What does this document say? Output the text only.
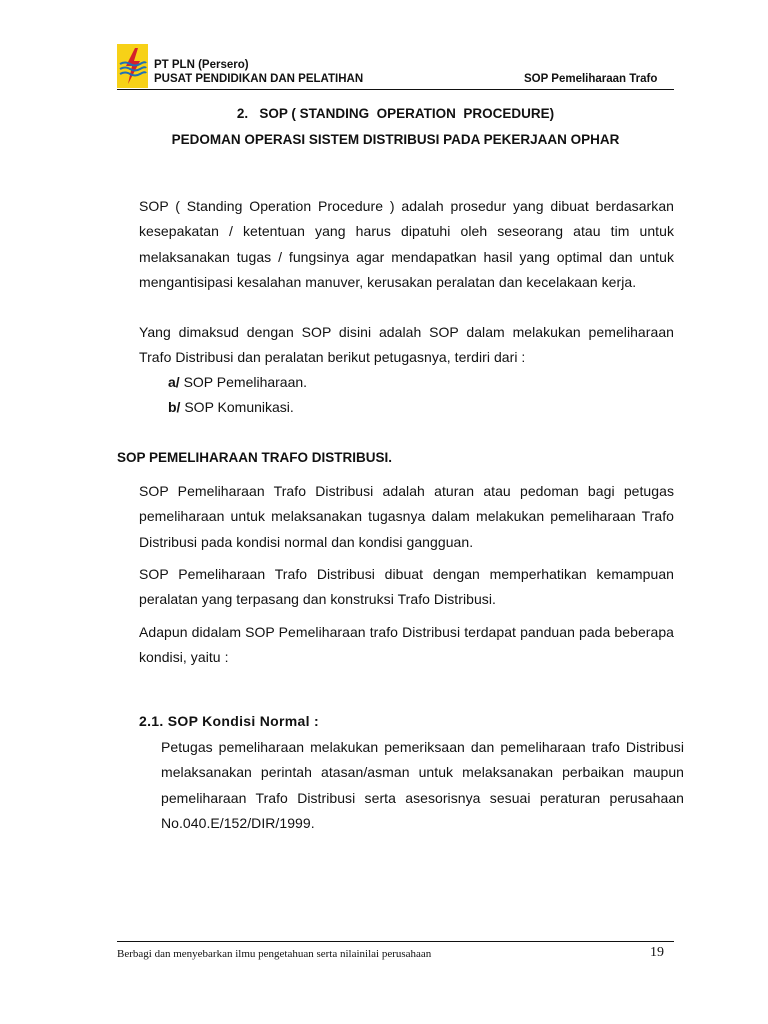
PT PLN (Persero)
PUSAT PENDIDIKAN DAN PELATIHAN	SOP Pemeliharaan Trafo
2.   SOP ( STANDING  OPERATION  PROCEDURE)
PEDOMAN OPERASI SISTEM DISTRIBUSI PADA PEKERJAAN OPHAR

SOP ( Standing Operation Procedure ) adalah prosedur yang dibuat berdasarkan kesepakatan / ketentuan yang harus dipatuhi oleh seseorang atau tim untuk melaksanakan tugas / fungsinya agar mendapatkan hasil yang optimal dan untuk mengantisipasi kesalahan manuver, kerusakan peralatan dan kecelakaan kerja.

Yang dimaksud dengan SOP disini adalah SOP dalam melakukan pemeliharaan Trafo Distribusi dan peralatan berikut petugasnya, terdiri dari :

a/ SOP Pemeliharaan.
b/ SOP Komunikasi.
SOP PEMELIHARAAN TRAFO DISTRIBUSI.

SOP Pemeliharaan Trafo Distribusi adalah aturan atau pedoman bagi petugas pemeliharaan untuk melaksanakan tugasnya dalam melakukan pemeliharaan Trafo Distribusi pada kondisi normal dan kondisi gangguan.

SOP Pemeliharaan Trafo Distribusi dibuat dengan memperhatikan kemampuan peralatan yang terpasang dan konstruksi Trafo Distribusi.

Adapun didalam SOP Pemeliharaan trafo Distribusi terdapat panduan pada beberapa kondisi, yaitu :

2.1. SOP Kondisi Normal :

Petugas pemeliharaan melakukan pemeriksaan dan pemeliharaan trafo Distribusi melaksanakan perintah atasan/asman untuk melaksanakan perbaikan maupun pemeliharaan Trafo Distribusi serta asesorisnya sesuai peraturan perusahaan No.040.E/152/DIR/1999.

Berbagi dan menyebarkan ilmu pengetahuan serta nilainilai perusahaan	19
